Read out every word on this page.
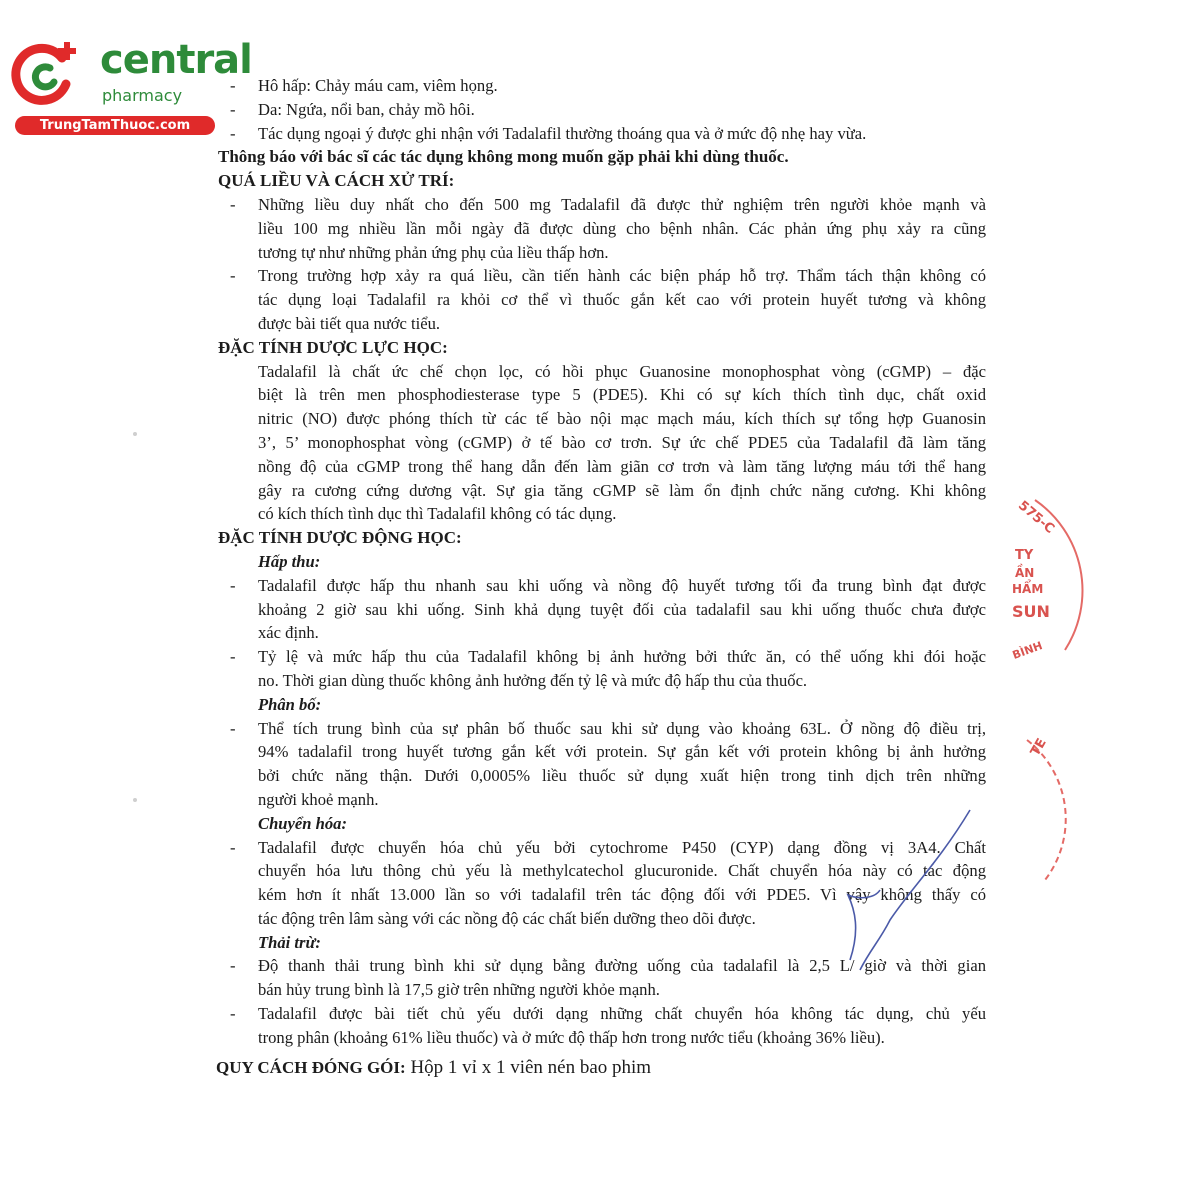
central
pharmacy
TrungTamThuoc.com
- Hô hấp: Chảy máu cam, viêm họng.
- Da: Ngứa, nổi ban, chảy mồ hôi.
- Tác dụng ngoại ý được ghi nhận với Tadalafil thường thoáng qua và ở mức độ nhẹ hay vừa.
Thông báo với bác sĩ các tác dụng không mong muốn gặp phải khi dùng thuốc.
QUÁ LIỀU VÀ CÁCH XỬ TRÍ:
- Những liều duy nhất cho đến 500 mg Tadalafil đã được thử nghiệm trên người khỏe mạnh và
liều 100 mg nhiều lần mỗi ngày đã được dùng cho bệnh nhân. Các phản ứng phụ xảy ra cũng
tương tự như những phản ứng phụ của liều thấp hơn.
- Trong trường hợp xảy ra quá liều, cần tiến hành các biện pháp hỗ trợ. Thẩm tách thận không có
tác dụng loại Tadalafil ra khỏi cơ thể vì thuốc gắn kết cao với protein huyết tương và không
được bài tiết qua nước tiểu.
ĐẶC TÍNH DƯỢC LỰC HỌC:
Tadalafil là chất ức chế chọn lọc, có hồi phục Guanosine monophosphat vòng (cGMP) – đặc
biệt là trên men phosphodiesterase type 5 (PDE5). Khi có sự kích thích tình dục, chất oxid
nitric (NO) được phóng thích từ các tế bào nội mạc mạch máu, kích thích sự tổng hợp Guanosin
3’, 5’ monophosphat vòng (cGMP) ở tế bào cơ trơn. Sự ức chế PDE5 của Tadalafil đã làm tăng
nồng độ của cGMP trong thể hang dẫn đến làm giãn cơ trơn và làm tăng lượng máu tới thể hang
gây ra cương cứng dương vật. Sự gia tăng cGMP sẽ làm ổn định chức năng cương. Khi không
có kích thích tình dục thì Tadalafil không có tác dụng.
ĐẶC TÍNH DƯỢC ĐỘNG HỌC:
Hấp thu:
- Tadalafil được hấp thu nhanh sau khi uống và nồng độ huyết tương tối đa trung bình đạt được
khoảng 2 giờ sau khi uống. Sinh khả dụng tuyệt đối của tadalafil sau khi uống thuốc chưa được
xác định.
- Tỷ lệ và mức hấp thu của Tadalafil không bị ảnh hưởng bởi thức ăn, có thể uống khi đói hoặc
no. Thời gian dùng thuốc không ảnh hưởng đến tỷ lệ và mức độ hấp thu của thuốc.
Phân bố:
- Thể tích trung bình của sự phân bố thuốc sau khi sử dụng vào khoảng 63L. Ở nồng độ điều trị,
94% tadalafil trong huyết tương gắn kết với protein. Sự gắn kết với protein không bị ảnh hưởng
bởi chức năng thận. Dưới 0,0005% liều thuốc sử dụng xuất hiện trong tinh dịch trên những
người khoẻ mạnh.
Chuyển hóa:
- Tadalafil được chuyển hóa chủ yếu bởi cytochrome P450 (CYP) dạng đồng vị 3A4. Chất
chuyển hóa lưu thông chủ yếu là methylcatechol glucuronide. Chất chuyển hóa này có tác động
kém hơn ít nhất 13.000 lần so với tadalafil trên tác động đối với PDE5. Vì vậy không thấy có
tác động trên lâm sàng với các nồng độ các chất biến dưỡng theo dõi được.
Thải trừ:
- Độ thanh thải trung bình khi sử dụng bằng đường uống của tadalafil là 2,5 L/ giờ và thời gian
bán hủy trung bình là 17,5 giờ trên những người khỏe mạnh.
- Tadalafil được bài tiết chủ yếu dưới dạng những chất chuyển hóa không tác dụng, chủ yếu
trong phân (khoảng 61% liều thuốc) và ở mức độ thấp hơn trong nước tiểu (khoảng 36% liều).
QUY CÁCH ĐÓNG GÓI: Hộp 1 vỉ x 1 viên nén bao phim
575-C
TY
ẦN
HẨM
SUN
BÌNH
TE
